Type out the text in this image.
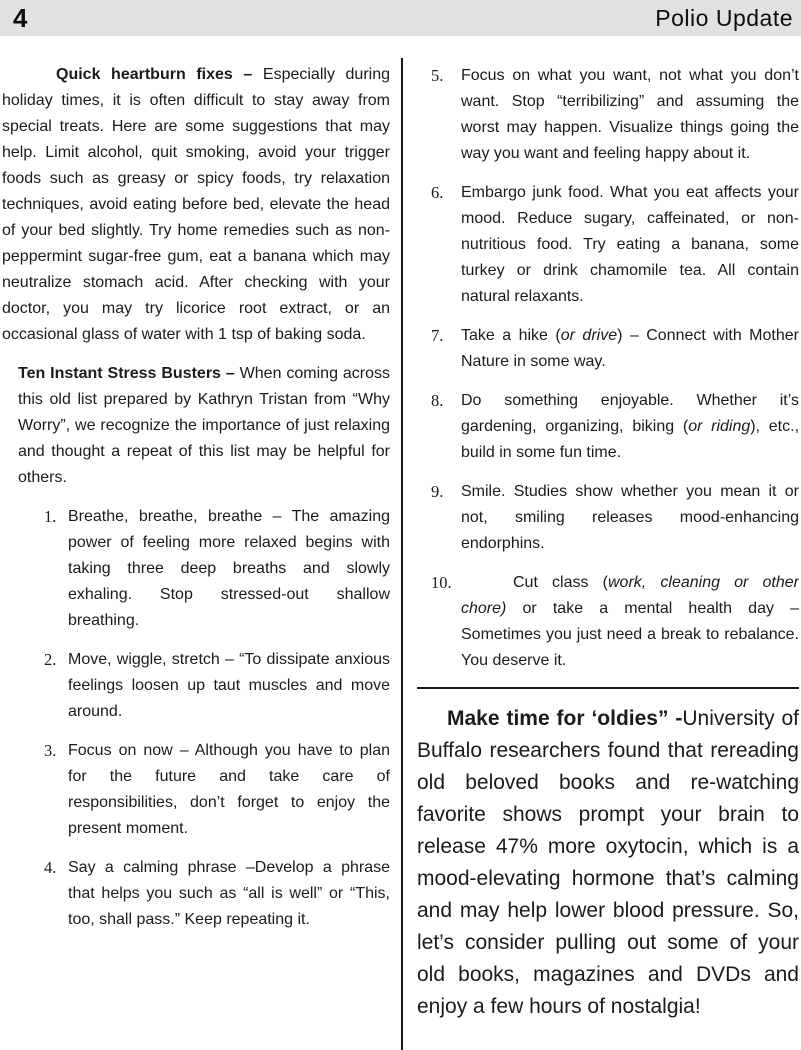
4	Polio Update

Quick heartburn fixes – Especially during holiday times, it is often difficult to stay away from special treats. Here are some suggestions that may help. Limit alcohol, quit smoking, avoid your trigger foods such as greasy or spicy foods, try relaxation techniques, avoid eating before bed, elevate the head of your bed slightly. Try home remedies such as non-peppermint sugar-free gum, eat a banana which may neutralize stomach acid. After checking with your doctor, you may try licorice root extract, or an occasional glass of water with 1 tsp of baking soda.

Ten Instant Stress Busters – When coming across this old list prepared by Kathryn Tristan from “Why Worry”, we recognize the importance of just relaxing and thought a repeat of this list may be helpful for others.

1. Breathe, breathe, breathe – The amazing power of feeling more relaxed begins with taking three deep breaths and slowly exhaling. Stop stressed-out shallow breathing.
2. Move, wiggle, stretch – “To dissipate anxious feelings loosen up taut muscles and move around.
3. Focus on now – Although you have to plan for the future and take care of responsibilities, don’t forget to enjoy the present moment.
4. Say a calming phrase –Develop a phrase that helps you such as “all is well” or “This, too, shall pass.” Keep repeating it.
5.	Focus on what you want, not what you don’t want. Stop “terribilizing” and assuming the worst may happen. Visualize things going the way you want and feeling happy about it.
6.	Embargo junk food. What you eat affects your mood. Reduce sugary, caffeinated, or non-nutritious food. Try eating a banana, some turkey or drink chamomile tea. All contain natural relaxants.
7.	Take a hike (or drive) – Connect with Mother Nature in some way.
8.	Do something enjoyable. Whether it’s gardening, organizing, biking (or riding), etc., build in some fun time.
9.	Smile. Studies show whether you mean it or not, smiling releases mood-enhancing endorphins.
10.	Cut class (work, cleaning or other chore) or take a mental health day – Sometimes you just need a break to rebalance. You deserve it.

Make time for ‘oldies” -University of Buffalo researchers found that rereading old beloved books and re-watching favorite shows prompt your brain to release 47% more oxytocin, which is a mood-elevating hormone that’s calming and may help lower blood pressure. So, let’s consider pulling out some of your old books, magazines and DVDs and enjoy a few hours of nostalgia!
